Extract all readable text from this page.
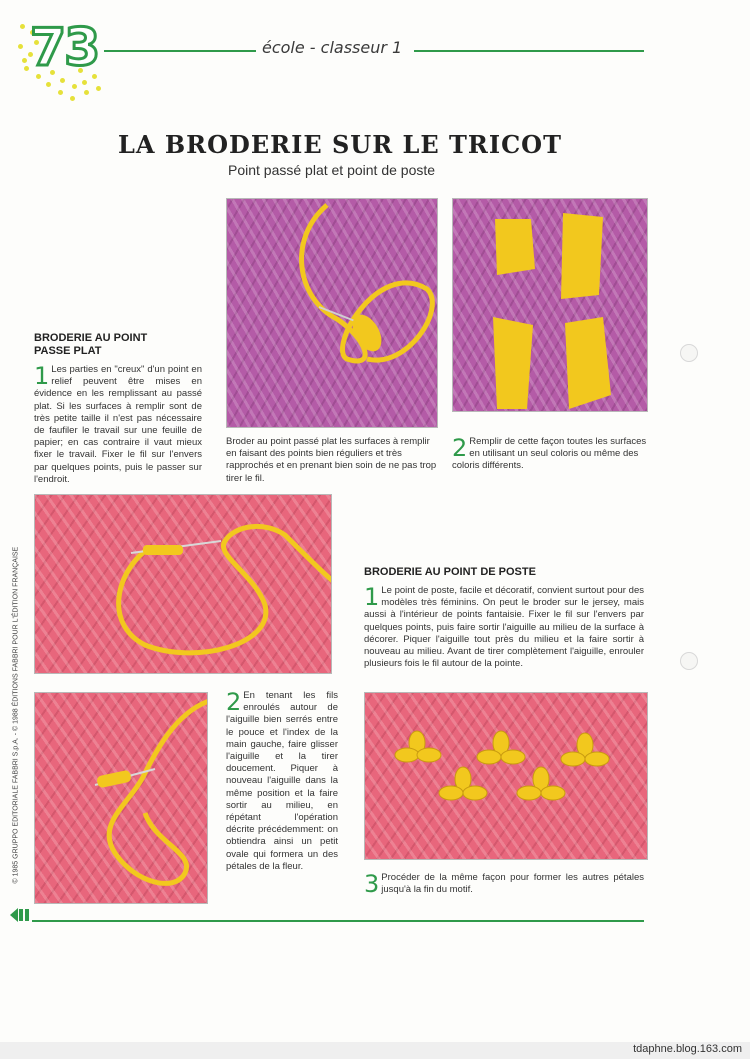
73	école - classeur 1
LA BRODERIE SUR LE TRICOT
Point passé plat et point de poste
BRODERIE AU POINT
PASSE PLAT
1 Les parties en "creux" d'un point en relief peuvent être mises en évidence en les remplissant au passé plat. Si les surfaces à remplir sont de très petite taille il n'est pas nécessaire de faufiler le travail sur une feuille de papier; en cas contraire il vaut mieux fixer le travail. Fixer le fil sur l'envers par quelques points, puis le passer sur l'endroit.
Broder au point passé plat les surfaces à remplir en faisant des points bien réguliers et très rapprochés et en prenant bien soin de ne pas trop tirer le fil.
2 Remplir de cette façon toutes les surfaces en utilisant un seul coloris ou même des coloris différents.
© 1985 GRUPPO EDITORIALE FABBRI S.p.A. - © 1988 ÉDITIONS FABBRI POUR L'ÉDITION FRANÇAISE	BRODERIE AU POINT DE POSTE
1 Le point de poste, facile et décoratif, convient surtout pour des modèles très féminins. On peut le broder sur le jersey, mais aussi à l'intérieur de points fantaisie. Fixer le fil sur l'envers par quelques points, puis faire sortir l'aiguille au milieu de la surface à décorer. Piquer l'aiguille tout près du milieu et la faire sortir à nouveau au milieu. Avant de tirer complètement l'aiguille, enrouler plusieurs fois le fil autour de la pointe.
2 En tenant les fils enroulés autour de l'aiguille bien serrés entre le pouce et l'index de la main gauche, faire glisser l'aiguille et la tirer doucement. Piquer à nouveau l'aiguille dans la même position et la faire sortir au milieu, en répétant l'opération décrite précédemment: on obtiendra ainsi un petit ovale qui formera un des pétales de la fleur.
3 Procéder de la même façon pour former les autres pétales jusqu'à la fin du motif.
tdaphne.blog.163.com
